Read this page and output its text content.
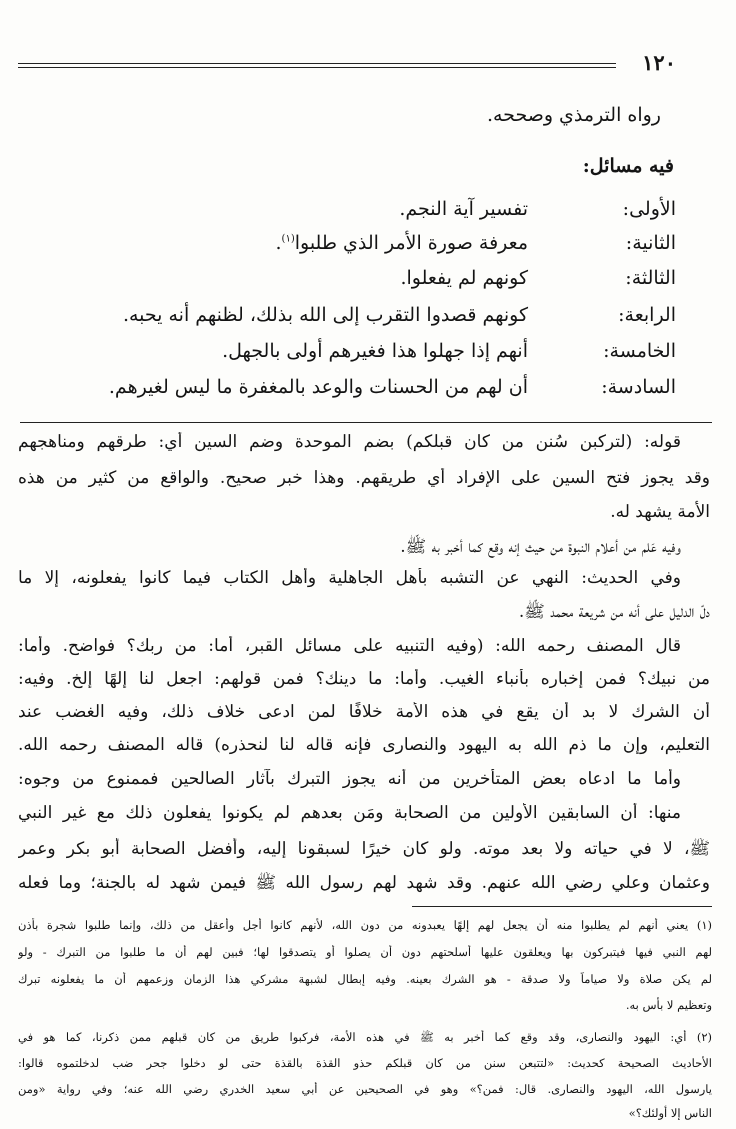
١٢٠
رواه الترمذي وصححه.
فيه مسائل:
الأولى:
تفسير آية النجم.
الثانية:
معرفة صورة الأمر الذي طلبوا$^{(١)}$.
الثالثة:
كونهم لم يفعلوا.
الرابعة:
كونهم قصدوا التقرب إلى الله بذلك، لظنهم أنه يحبه.
الخامسة:
أنهم إذا جهلوا هذا فغيرهم أولى بالجهل.
السادسة:
أن لهم من الحسنات والوعد بالمغفرة ما ليس لغيرهم.
قوله: (لتركبن سُنن من كان قبلكم) بضم الموحدة وضم السين أي: طرقهم ومناهجهم
وقد يجوز فتح السين على الإفراد أي طريقهم. وهذا خبر صحيح. والواقع من كثير من هذه
الأمة يشهد له.
وفيه عَلم من أعلام النبوة من حيث إنه وقع كما أخبر به ﷺ.
وفي الحديث: النهي عن التشبه بأهل الجاهلية وأهل الكتاب فيما كانوا يفعلونه، إلا ما
دلّ الدليل على أنه من شريعة محمد ﷺ.
قال المصنف رحمه الله: (وفيه التنبيه على مسائل القبر، أما: من ربك؟ فواضح. وأما:
من نبيك؟ فمن إخباره بأنباء الغيب. وأما: ما دينك؟ فمن قولهم: اجعل لنا إلهًا إلخ. وفيه:
أن الشرك لا بد أن يقع في هذه الأمة خلافًا لمن ادعى خلاف ذلك، وفيه الغضب عند
التعليم، وإن ما ذم الله به اليهود والنصارى فإنه قاله لنا لنحذره) قاله المصنف رحمه الله.
وأما ما ادعاه بعض المتأخرين من أنه يجوز التبرك بآثار الصالحين فممنوع من وجوه:
منها: أن السابقين الأولين من الصحابة ومَن بعدهم لم يكونوا يفعلون ذلك مع غير النبي
ﷺ، لا في حياته ولا بعد موته. ولو كان خيرًا لسبقونا إليه، وأفضل الصحابة أبو بكر وعمر
وعثمان وعلي رضي الله عنهم. وقد شهد لهم رسول الله ﷺ فيمن شهد له بالجنة؛ وما فعله
(١) يعني أنهم لم يطلبوا منه أن يجعل لهم إلهًا يعبدونه من دون الله، لأنهم كانوا أجل وأعقل من ذلك، وإنما طلبوا شجرة بأذن
لهم النبي فيها فيتبركون بها ويعلقون عليها أسلحتهم دون أن يصلوا أو يتصدقوا لها؛ فبين لهم أن ما طلبوا من التبرك - ولو
لم يكن صلاة ولا صياماً ولا صدقة - هو الشرك بعينه. وفيه إبطال لشبهة مشركي هذا الزمان وزعمهم أن ما يفعلونه تبرك
وتعظيم لا بأس به.
(٢) أي: اليهود والنصارى، وقد وقع كما أخبر به ﷺ في هذه الأمة، فركبوا طريق من كان قبلهم ممن ذكرنا، كما هو في
الأحاديث الصحيحة كحديث: «لتتبعن سنن من كان قبلكم حذو القذة بالقذة حتى لو دخلوا جحر ضب لدخلتموه قالوا:
يارسول الله، اليهود والنصارى. قال: فمن؟» وهو في الصحيحين عن أبي سعيد الخدري رضي الله عنه؛ وفي رواية «ومن
الناس إلا أولئك؟»
